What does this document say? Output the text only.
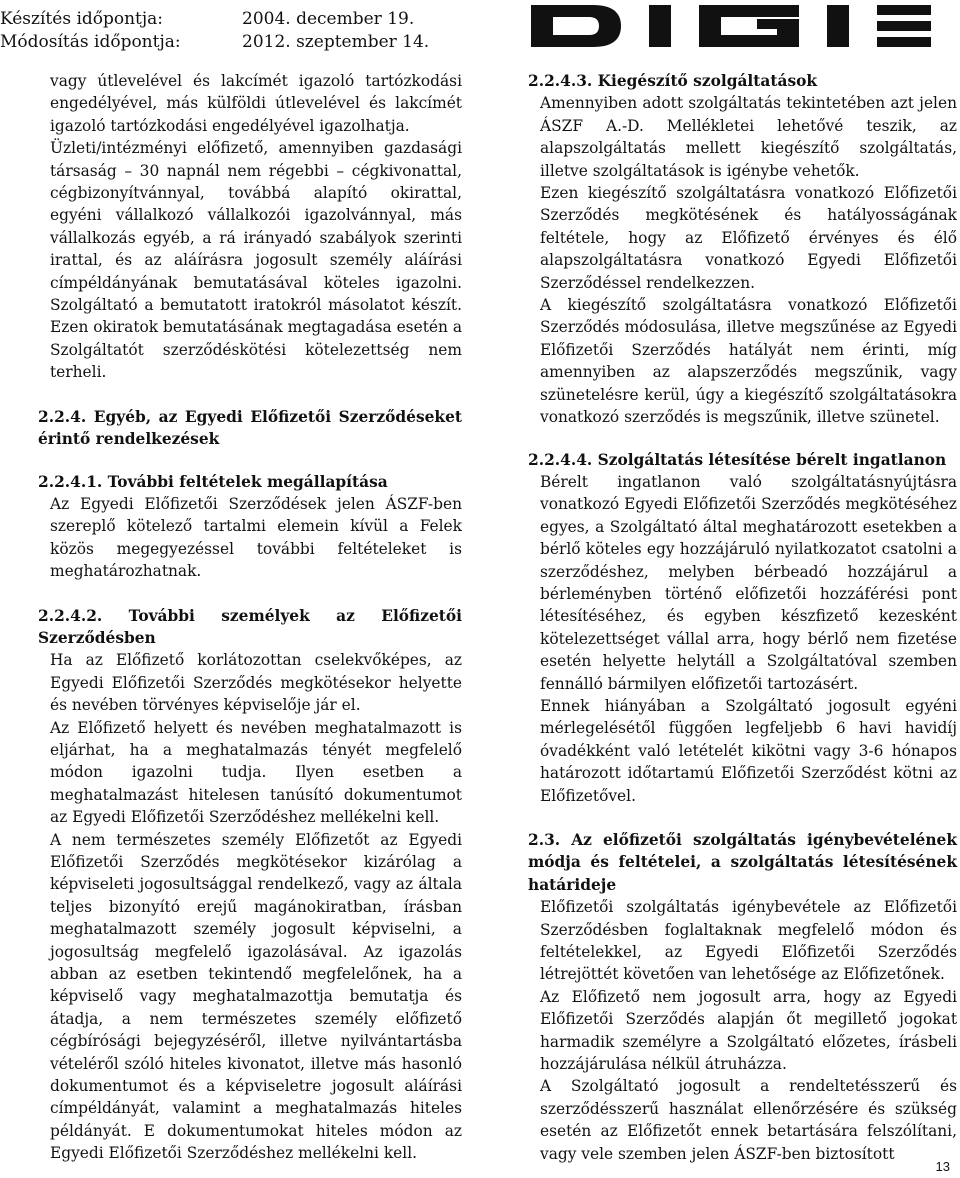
Készítés időpontja:	2004. december 19.
Módosítás időpontja:	2012. szeptember 14.

vagy útlevelével és lakcímét igazoló tartózkodási engedélyével, más külföldi útlevelével és lakcímét igazoló tartózkodási engedélyével igazolhatja.

Üzleti/intézményi előfizető, amennyiben gazdasági társaság – 30 napnál nem régebbi – cégkivonattal, cégbizonyítvánnyal, továbbá alapító okirattal, egyéni vállalkozó vállalkozói igazolvánnyal, más vállalkozás egyéb, a rá irányadó szabályok szerinti irattal, és az aláírásra jogosult személy aláírási címpéldányának bemutatásával köteles igazolni. Szolgáltató a bemutatott iratokról másolatot készít. Ezen okiratok bemutatásának megtagadása esetén a Szolgáltatót szerződéskötési kötelezettség nem terheli.

2.2.4. Egyéb, az Egyedi Előfizetői Szerződéseket érintő rendelkezések

2.2.4.1. További feltételek megállapítása

Az Egyedi Előfizetői Szerződések jelen ÁSZF-ben szereplő kötelező tartalmi elemein kívül a Felek közös megegyezéssel további feltételeket is meghatározhatnak.

2.2.4.2. További személyek az Előfizetői Szerződésben

Ha az Előfizető korlátozottan cselekvőképes, az Egyedi Előfizetői Szerződés megkötésekor helyette és nevében törvényes képviselője jár el.

Az Előfizető helyett és nevében meghatalmazott is eljárhat, ha a meghatalmazás tényét megfelelő módon igazolni tudja. Ilyen esetben a meghatalmazást hitelesen tanúsító dokumentumot az Egyedi Előfizetői Szerződéshez mellékelni kell.

A nem természetes személy Előfizetőt az Egyedi Előfizetői Szerződés megkötésekor kizárólag a képviseleti jogosultsággal rendelkező, vagy az általa teljes bizonyító erejű magánokiratban, írásban meghatalmazott személy jogosult képviselni, a jogosultság megfelelő igazolásával. Az igazolás abban az esetben tekintendő megfelelőnek, ha a képviselő vagy meghatalmazottja bemutatja és átadja, a nem természetes személy előfizető cégbírósági bejegyzéséről, illetve nyilvántartásba vételéről szóló hiteles kivonatot, illetve más hasonló dokumentumot és a képviseletre jogosult aláírási címpéldányát, valamint a meghatalmazás hiteles példányát. E dokumentumokat hiteles módon az Egyedi Előfizetői Szerződéshez mellékelni kell.

2.2.4.3. Kiegészítő szolgáltatások

Amennyiben adott szolgáltatás tekintetében azt jelen ÁSZF A.-D. Mellékletei lehetővé teszik, az alapszolgáltatás mellett kiegészítő szolgáltatás, illetve szolgáltatások is igénybe vehetők.

Ezen kiegészítő szolgáltatásra vonatkozó Előfizetői Szerződés megkötésének és hatályosságának feltétele, hogy az Előfizető érvényes és élő alapszolgáltatásra vonatkozó Egyedi Előfizetői Szerződéssel rendelkezzen.

A kiegészítő szolgáltatásra vonatkozó Előfizetői Szerződés módosulása, illetve megszűnése az Egyedi Előfizetői Szerződés hatályát nem érinti, míg amennyiben az alapszerződés megszűnik, vagy szünetelésre kerül, úgy a kiegészítő szolgáltatásokra vonatkozó szerződés is megszűnik, illetve szünetel.

2.2.4.4. Szolgáltatás létesítése bérelt ingatlanon

Bérelt ingatlanon való szolgáltatásnyújtásra vonatkozó Egyedi Előfizetői Szerződés megkötéséhez egyes, a Szolgáltató által meghatározott esetekben a bérlő köteles egy hozzájáruló nyilatkozatot csatolni a szerződéshez, melyben bérbeadó hozzájárul a bérleményben történő előfizetői hozzáférési pont létesítéséhez, és egyben készfizető kezesként kötelezettséget vállal arra, hogy bérlő nem fizetése esetén helyette helytáll a Szolgáltatóval szemben fennálló bármilyen előfizetői tartozásért.

Ennek hiányában a Szolgáltató jogosult egyéni mérlegelésétől függően legfeljebb 6 havi havidíj óvadékként való letételét kikötni vagy 3-6 hónapos határozott időtartamú Előfizetői Szerződést kötni az Előfizetővel.

2.3. Az előfizetői szolgáltatás igénybevételének módja és feltételei, a szolgáltatás létesítésének határideje

Előfizetői szolgáltatás igénybevétele az Előfizetői Szerződésben foglaltaknak megfelelő módon és feltételekkel, az Egyedi Előfizetői Szerződés létrejöttét követően van lehetősége az Előfizetőnek.

Az Előfizető nem jogosult arra, hogy az Egyedi Előfizetői Szerződés alapján őt megillető jogokat harmadik személyre a Szolgáltató előzetes, írásbeli hozzájárulása nélkül átruházza.

A Szolgáltató jogosult a rendeltetésszerű és szerződésszerű használat ellenőrzésére és szükség esetén az Előfizetőt ennek betartására felszólítani, vagy vele szemben jelen ÁSZF-ben biztosított

13
